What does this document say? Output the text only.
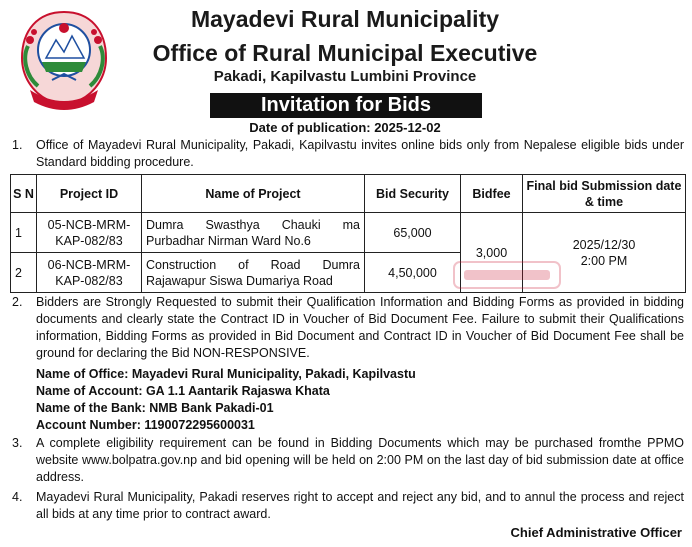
Mayadevi Rural Municipality
Office of Rural Municipal Executive
Pakadi, Kapilvastu Lumbini Province
Invitation for Bids
Date of publication: 2025-12-02
1. Office of Mayadevi Rural Municipality, Pakadi, Kapilvastu invites online bids only from Nepalese eligible bids under Standard bidding procedure.
S N	Project ID	Name of Project	Bid Security	Bidfee	Final bid Submission date & time
1	05-NCB-MRM-KAP-082/83	Dumra Swasthya Chauki ma Purbadhar Nirman Ward No.6	65,000	3,000	2025/12/30
2:00 PM

2	06-NCB-MRM-KAP-082/83	Construction of Road Dumra Rajawapur Siswa Dumariya Road	4,50,000		
2. Bidders are Strongly Requested to submit their Qualification Information and Bidding Forms as provided in bidding documents and clearly state the Contract ID in Voucher of Bid Document Fee. Failure to submit their Qualifications information, Bidding Forms as provided in Bid Document and Contract ID in Voucher of Bid Document Fee shall be ground for declaring the Bid NON-RESPONSIVE.
Name of Office: Mayadevi Rural Municipality, Pakadi, Kapilvastu
Name of Account: GA 1.1 Aantarik Rajaswa Khata
Name of the Bank: NMB Bank Pakadi-01
Account Number: 1190072295600031
3. A complete eligibility requirement can be found in Bidding Documents which may be purchased fromthe PPMO website www.bolpatra.gov.np and bid opening will be held on 2:00 PM on the last day of bid submission date at office address.
4. Mayadevi Rural Municipality, Pakadi reserves right to accept and reject any bid, and to annul the process and reject all bids at any time prior to contract award.
Chief Administrative Officer
